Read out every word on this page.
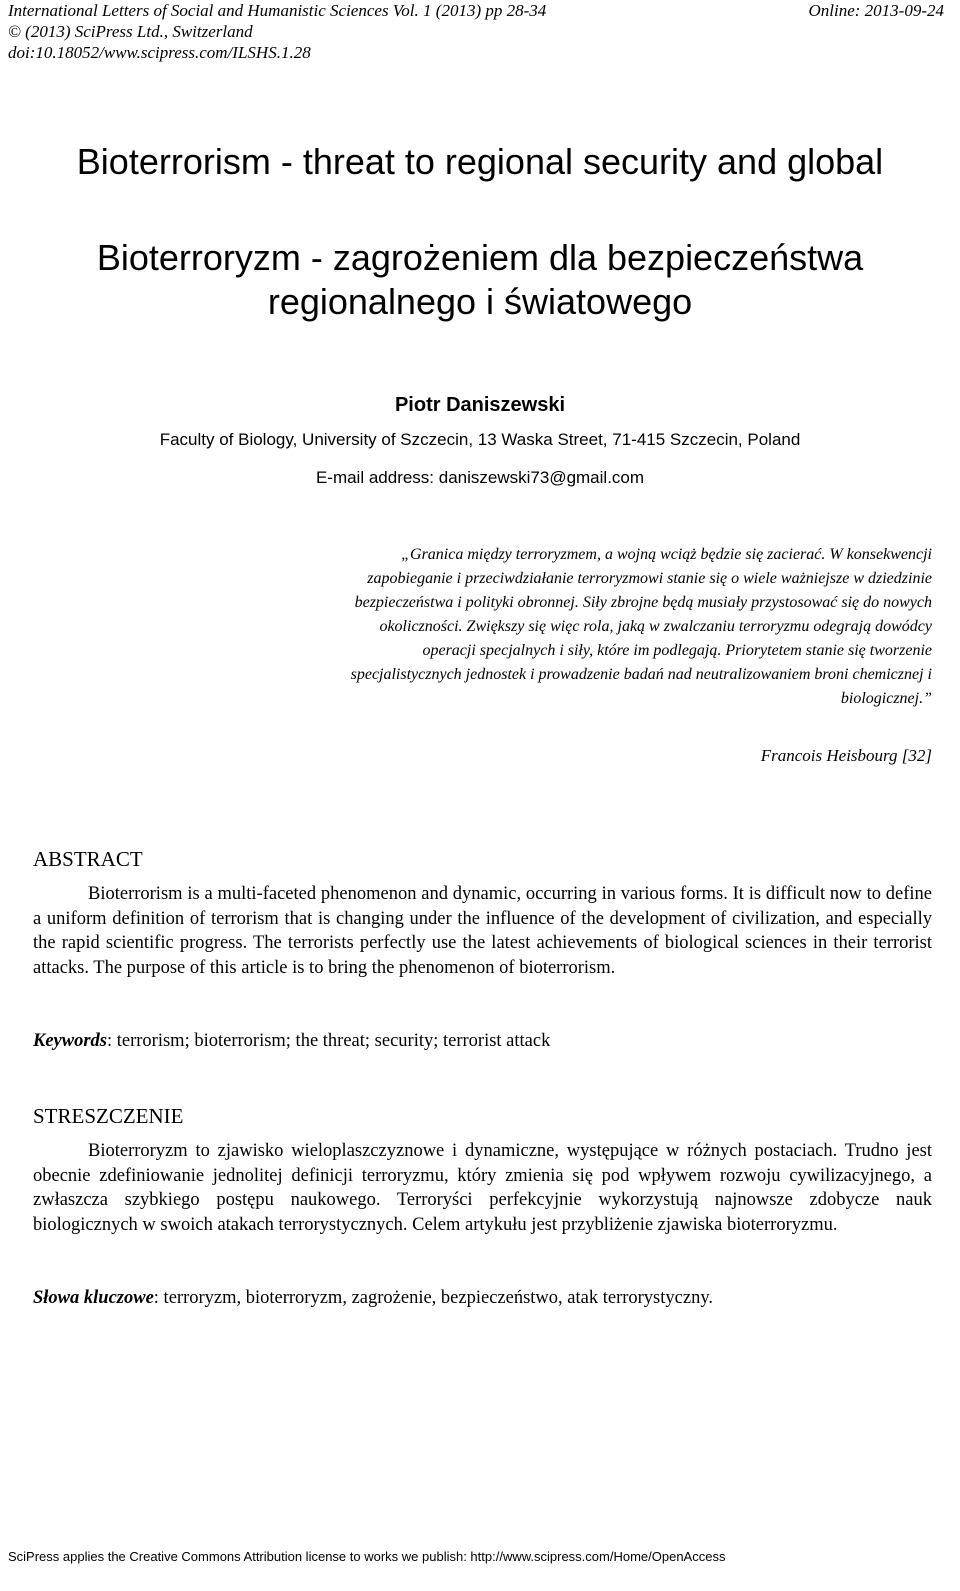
International Letters of Social and Humanistic Sciences Vol. 1 (2013) pp 28-34	Online: 2013-09-24
© (2013) SciPress Ltd., Switzerland
doi:10.18052/www.scipress.com/ILSHS.1.28
Bioterrorism - threat to regional security and global
Bioterroryzm - zagrożeniem dla bezpieczeństwa regionalnego i światowego
Piotr Daniszewski
Faculty of Biology, University of Szczecin, 13 Waska Street, 71-415 Szczecin, Poland
E-mail address: daniszewski73@gmail.com
„Granica między terroryzmem, a wojną wciąż będzie się zacierać. W konsekwencji zapobieganie i przeciwdziałanie terroryzmowi stanie się o wiele ważniejsze w dziedzinie bezpieczeństwa i polityki obronnej. Siły zbrojne będą musiały przystosować się do nowych okoliczności. Zwiększy się więc rola, jaką w zwalczaniu terroryzmu odegrają dowódcy operacji specjalnych i siły, które im podlegają. Priorytetem stanie się tworzenie specjalistycznych jednostek i prowadzenie badań nad neutralizowaniem broni chemicznej i biologicznej.”
Francois Heisbourg [32]
ABSTRACT
Bioterrorism is a multi-faceted phenomenon and dynamic, occurring in various forms. It is difficult now to define a uniform definition of terrorism that is changing under the influence of the development of civilization, and especially the rapid scientific progress. The terrorists perfectly use the latest achievements of biological sciences in their terrorist attacks. The purpose of this article is to bring the phenomenon of bioterrorism.
Keywords: terrorism; bioterrorism; the threat; security; terrorist attack
STRESZCZENIE
Bioterroryzm to zjawisko wieloplaszczyznowe i dynamiczne, występujące w różnych postaciach. Trudno jest obecnie zdefiniowanie jednolitej definicji terroryzmu, który zmienia się pod wpływem rozwoju cywilizacyjnego, a zwłaszcza szybkiego postępu naukowego. Terroryści perfekcyjnie wykorzystują najnowsze zdobycze nauk biologicznych w swoich atakach terrorystycznych. Celem artykułu jest przybliżenie zjawiska bioterroryzmu.
Słowa kluczowe: terroryzm, bioterroryzm, zagrożenie, bezpieczeństwo, atak terrorystyczny.
SciPress applies the Creative Commons Attribution license to works we publish: http://www.scipress.com/Home/OpenAccess
